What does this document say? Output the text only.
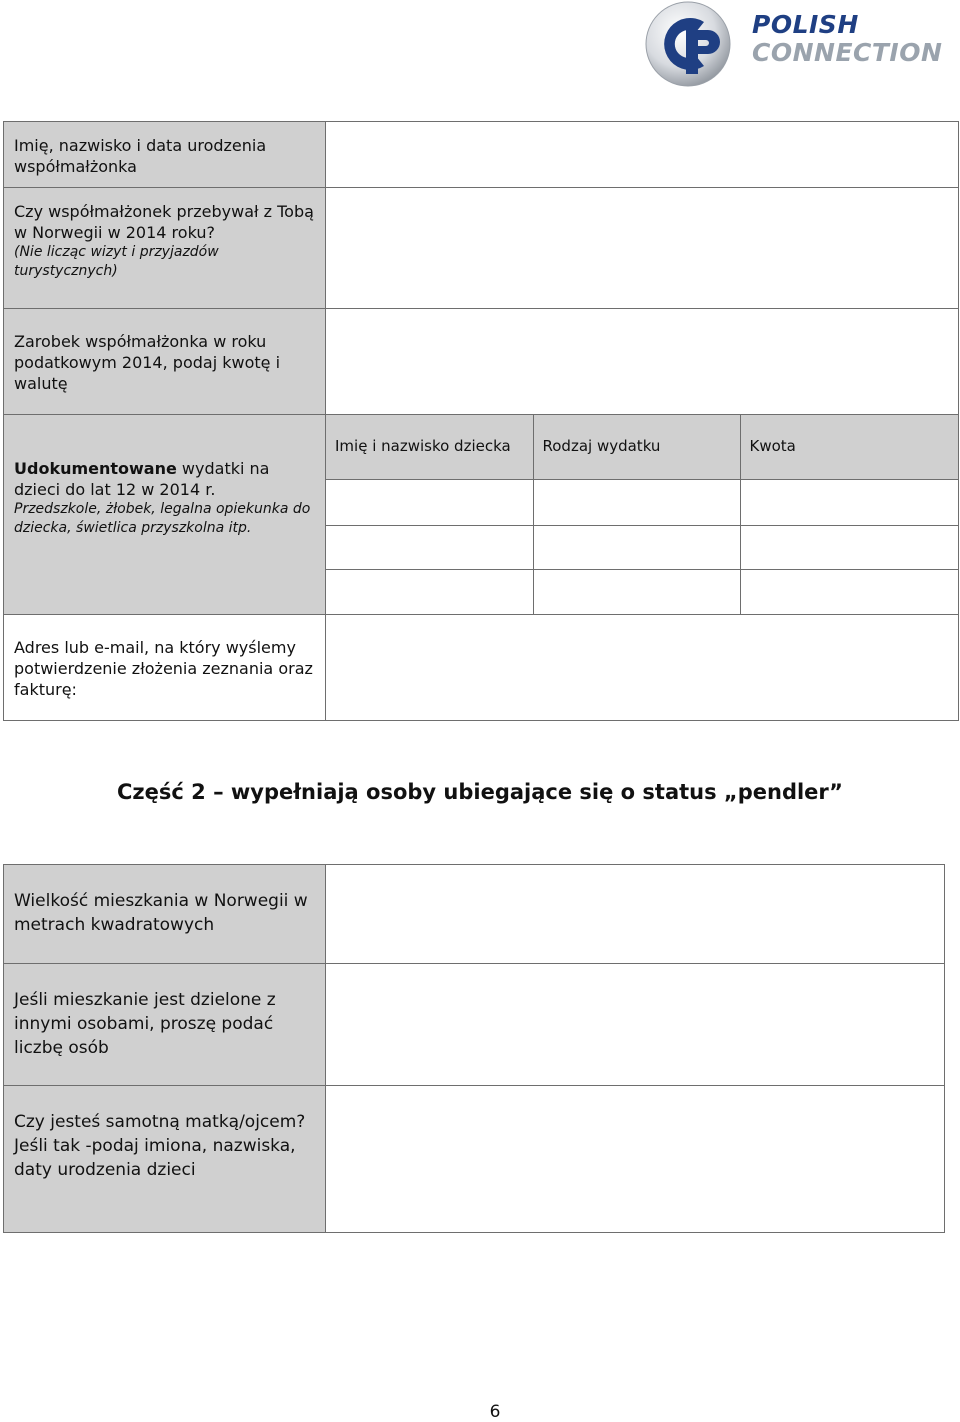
POLISH
CONNECTION
Imię, nazwisko i data urodzenia współmałżonka	
Czy współmałżonek przebywał z Tobą w Norwegii w 2014 roku?
(Nie licząc wizyt i przyjazdów turystycznych)

Zarobek współmałżonka w roku podatkowym 2014, podaj kwotę i walutę	
Udokumentowane wydatki na dzieci do lat 12 w 2014 r.
Przedszkole, żłobek, legalna opiekunka do dziecka, świetlica przyszkolna itp.

Imię i nazwisko dziecka	Rodzaj wydatku	Kwota

Adres lub e-mail, na który wyślemy potwierdzenie złożenia zeznania oraz fakturę:	
Część 2 – wypełniają osoby ubiegające się o status „pendler”
Wielkość mieszkania w Norwegii w metrach kwadratowych	
Jeśli mieszkanie jest dzielone z innymi osobami, proszę podać liczbę osób	
Czy jesteś samotną matką/ojcem? Jeśli tak -podaj imiona, nazwiska, daty urodzenia dzieci	
6
